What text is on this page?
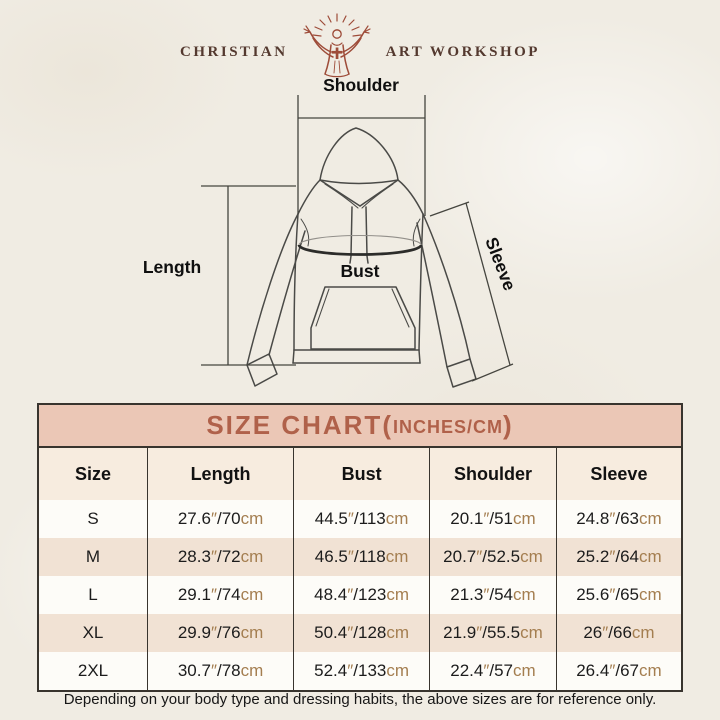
CHRISTIAN	ART WORKSHOP
Shoulder
Length	Bust	Sleeve
SIZE CHART( INCHES/CM )
Size	Length	Bust	Shoulder	Sleeve
S	27.6″/70cm	44.5″/113cm	20.1″/51cm	24.8″/63cm
M	28.3″/72cm	46.5″/118cm	20.7″/52.5cm	25.2″/64cm
L	29.1″/74cm	48.4″/123cm	21.3″/54cm	25.6″/65cm
XL	29.9″/76cm	50.4″/128cm	21.9″/55.5cm	26″/66cm
2XL	30.7″/78cm	52.4″/133cm	22.4″/57cm	26.4″/67cm
Depending on your body type and dressing habits, the above sizes are for reference only.
